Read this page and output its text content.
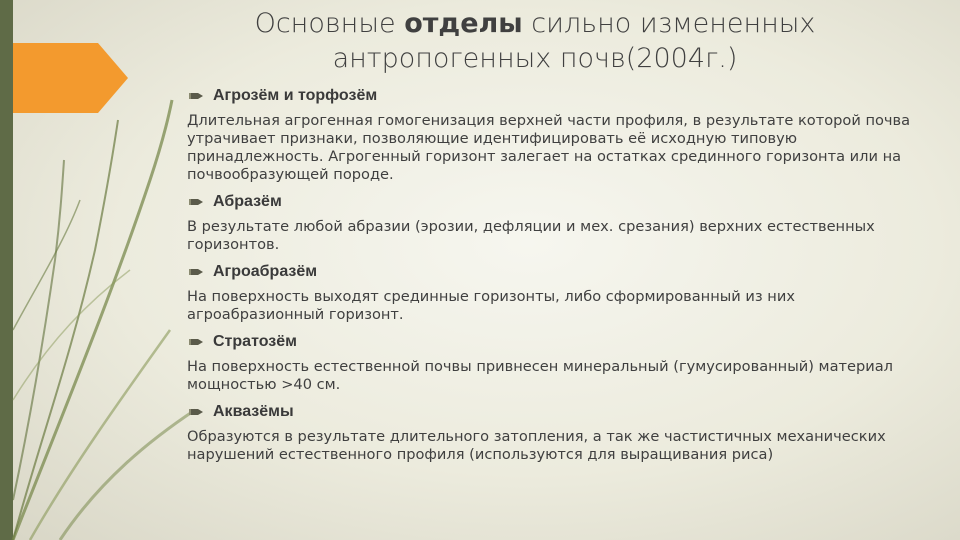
Основные отделы сильно измененных антропогенных почв(2004г.)
Агрозём и торфозём
Длительная агрогенная гомогенизация верхней части профиля, в результате которой почва утрачивает признаки, позволяющие идентифицировать её исходную типовую принадлежность. Агрогенный горизонт залегает на остатках срединного горизонта или на почвообразующей породе.
Абразём
В результате любой абразии (эрозии, дефляции и мех. срезания) верхних естественных горизонтов.
Агроабразём
На поверхность выходят срединные горизонты, либо сформированный из них агроабразионный горизонт.
Стратозём
На поверхность естественной почвы привнесен минеральный (гумусированный) материал мощностью >40 см.
Аквазёмы
Образуются в результате длительного затопления, а так же частистичных механических нарушений естественного профиля (используются для выращивания риса)
